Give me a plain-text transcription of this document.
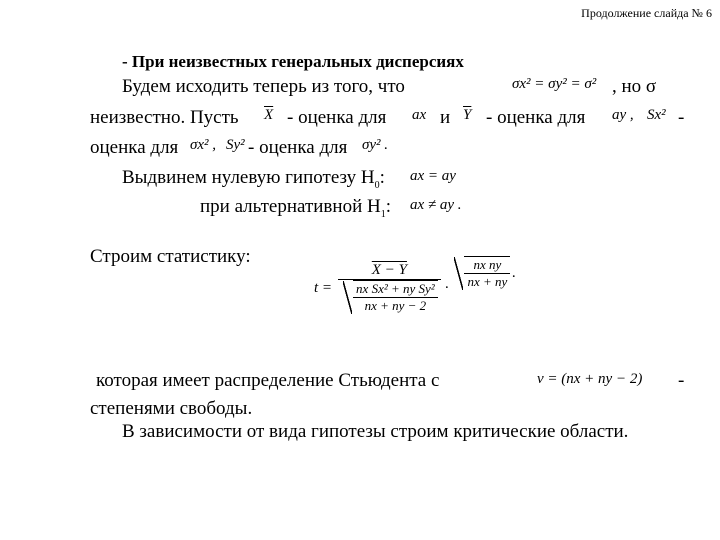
Продолжение слайда № 6
- При неизвестных генеральных дисперсиях
Будем исходить теперь из того, что	σx² = σy² = σ² , но σ
неизвестно. Пусть $\overline{X}$ - оценка для ax и $\overline{Y}$ - оценка для ay , Sx² -
оценка для σx² , Sy² - оценка для σy² .
Выдвинем нулевую гипотезу $H_0$: ax = ay
при альтернативной $H_1$: ax ≠ ay .
Строим статистику:
$t = \frac{X - Y}{\frac{\text{nx Sx² + ny Sy²}}{nx + ny - 2}} \cdot \frac{\text{nx ny}}{nx + ny}$ .
которая имеет распределение Стьюдента с	ν = (nx + ny − 2) -
степенями свободы.
В зависимости от вида гипотезы строим критические области.
